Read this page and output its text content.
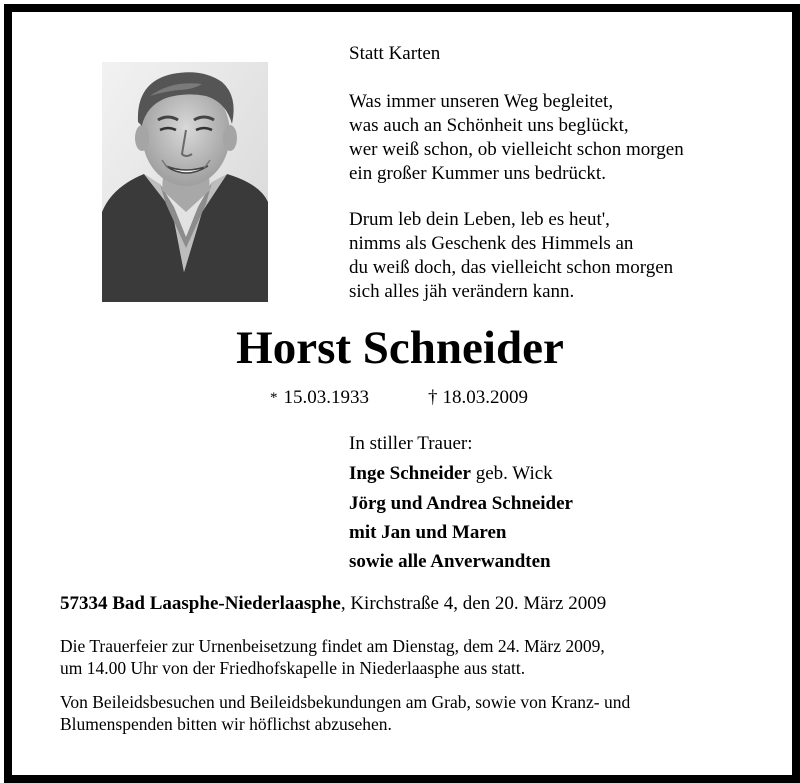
Statt Karten
Was immer unseren Weg begleitet,
was auch an Schönheit uns beglückt,
wer weiß schon, ob vielleicht schon morgen
ein großer Kummer uns bedrückt.
Drum leb dein Leben, leb es heut',
nimms als Geschenk des Himmels an
du weiß doch, das vielleicht schon morgen
sich alles jäh verändern kann.
Horst Schneider
* 15.03.1933	† 18.03.2009
In stiller Trauer:
Inge Schneider geb. Wick
Jörg und Andrea Schneider
mit Jan und Maren
sowie alle Anverwandten
57334 Bad Laasphe-Niederlaasphe, Kirchstraße 4, den 20. März 2009
Die Trauerfeier zur Urnenbeisetzung findet am Dienstag, dem 24. März 2009,
um 14.00 Uhr von der Friedhofskapelle in Niederlaasphe aus statt.
Von Beileidsbesuchen und Beileidsbekundungen am Grab, sowie von Kranz- und
Blumenspenden bitten wir höflichst abzusehen.
